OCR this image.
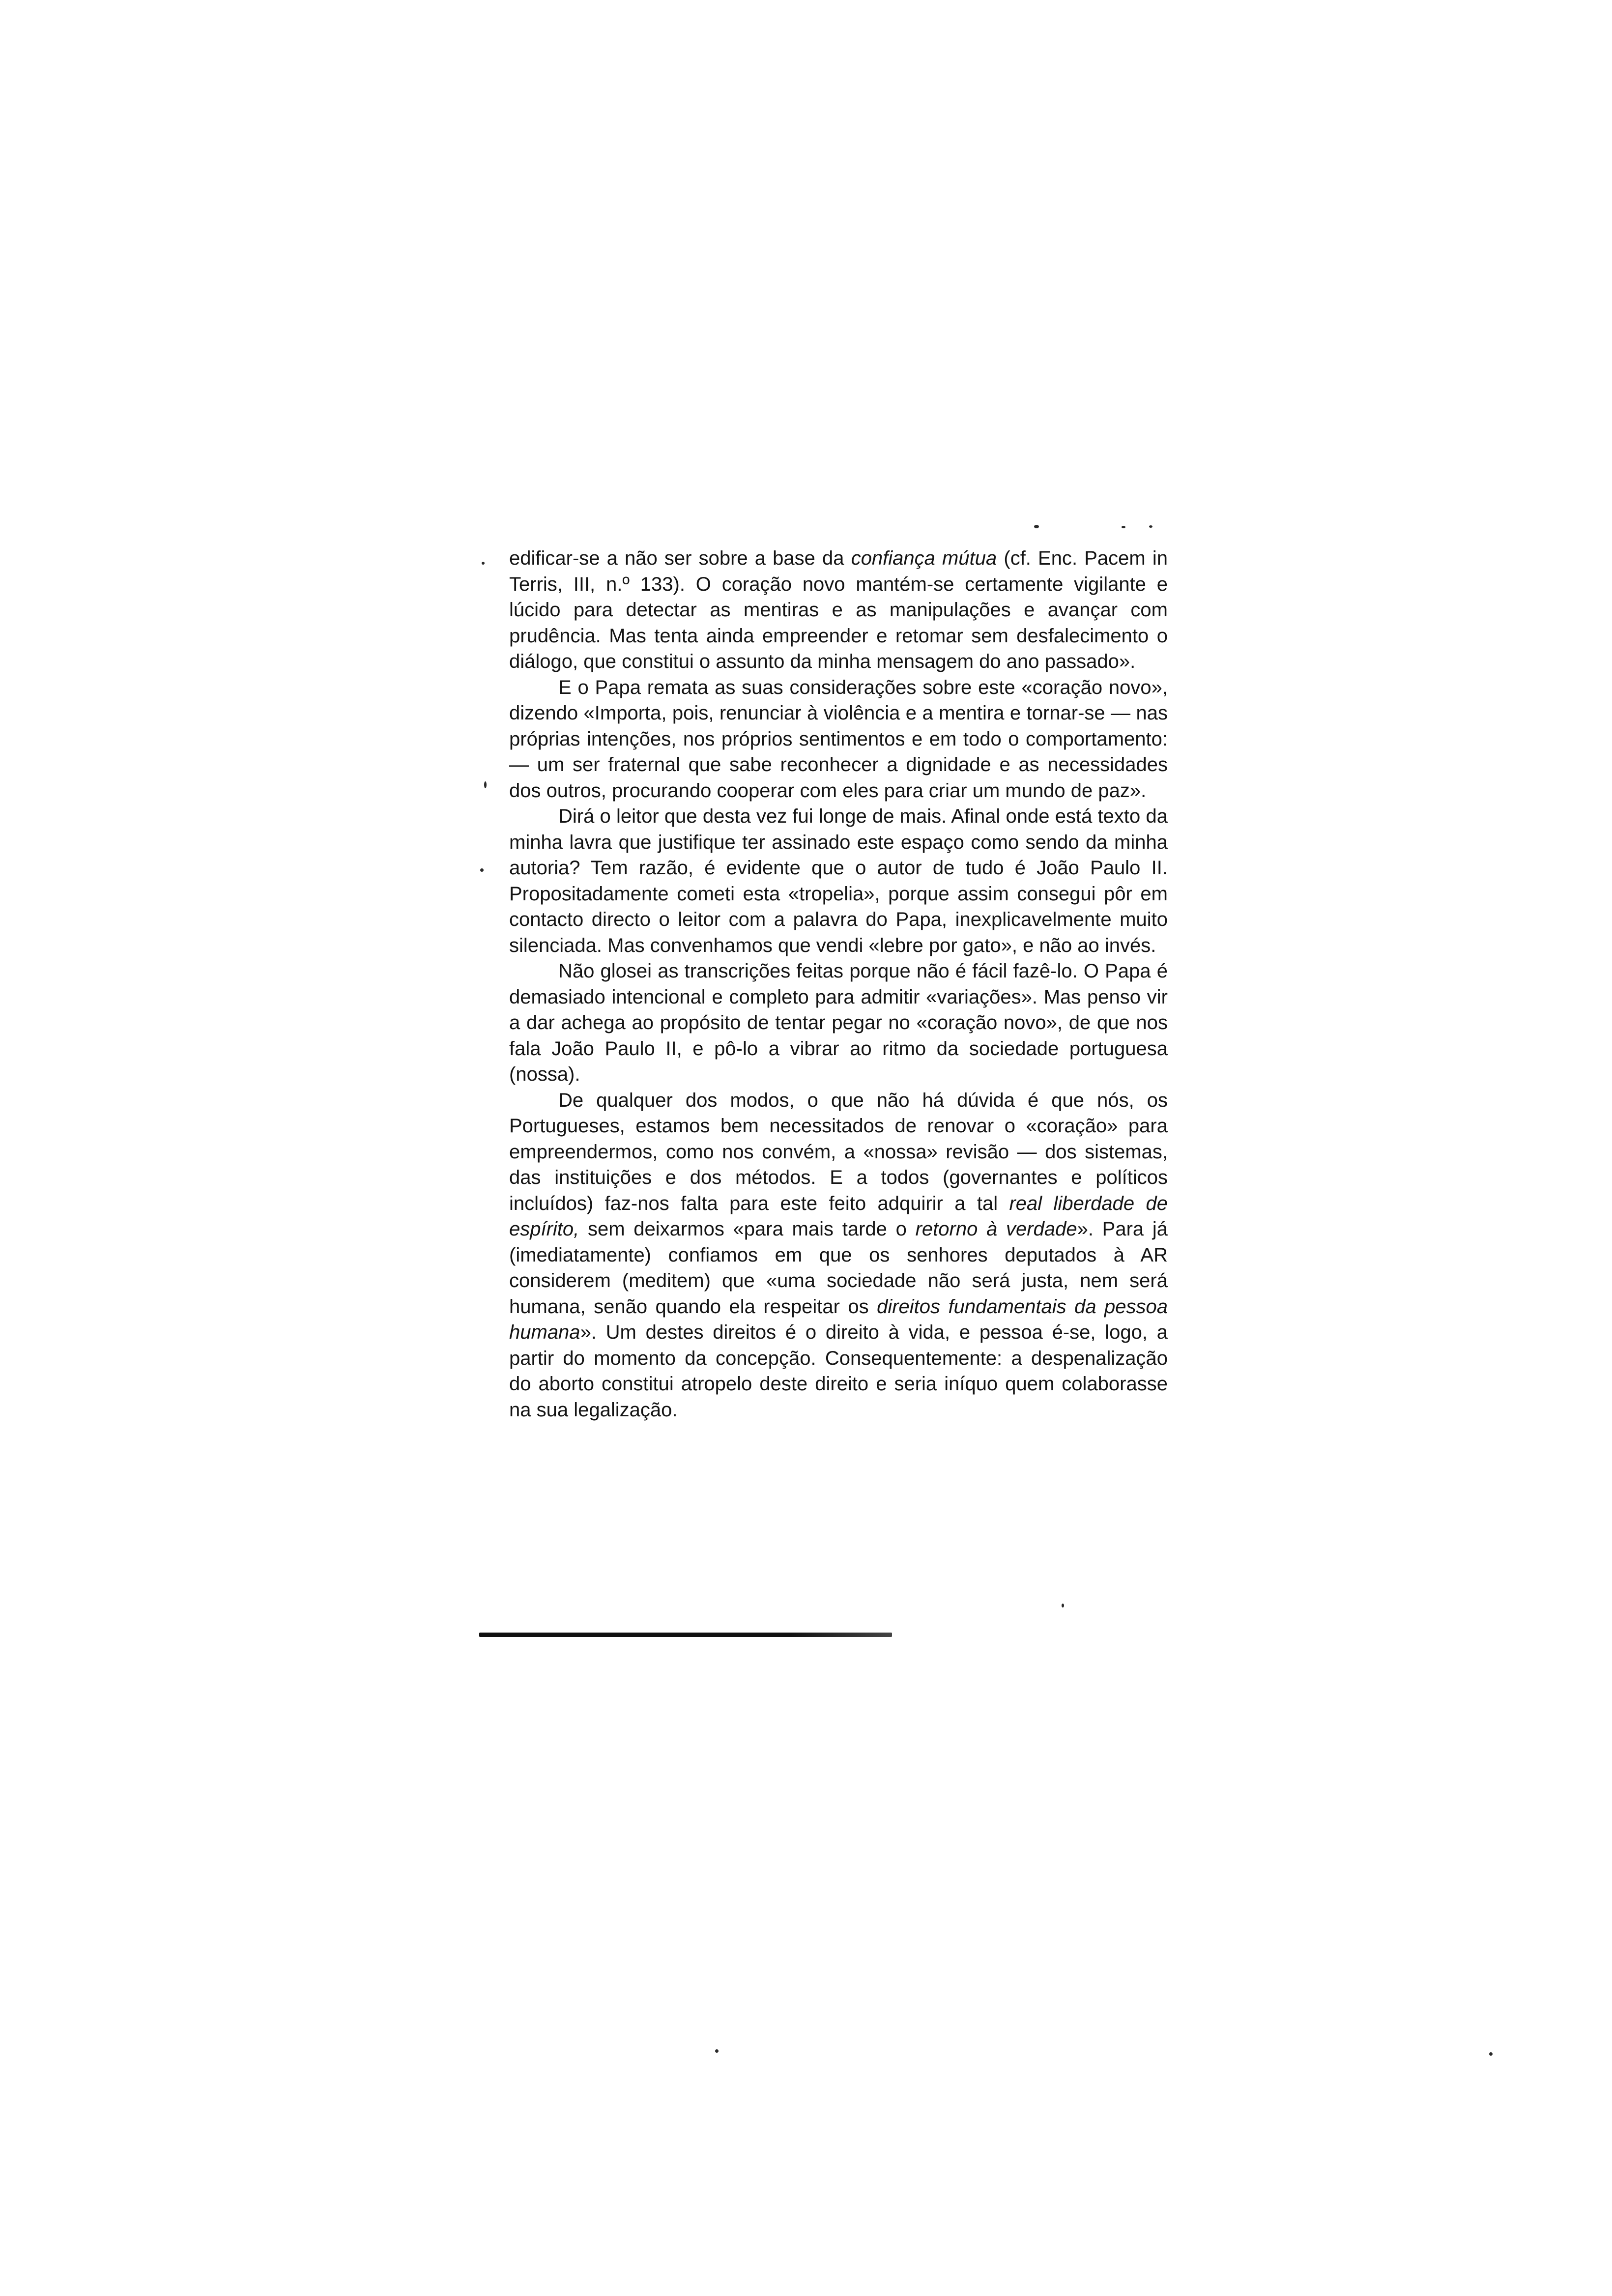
edificar-se a não ser sobre a base da confiança mútua (cf. Enc. Pacem in Terris, III, n.º 133). O coração novo mantém-se certamente vigilante e lúcido para detectar as mentiras e as manipulações e avançar com prudência. Mas tenta ainda empreender e retomar sem desfalecimento o diálogo, que constitui o assunto da minha mensagem do ano passado».

E o Papa remata as suas considerações sobre este «coração novo», dizendo «Importa, pois, renunciar à violência e a mentira e tornar-se — nas próprias intenções, nos próprios sentimentos e em todo o comportamento: — um ser fraternal que sabe reconhecer a dignidade e as necessidades dos outros, procurando cooperar com eles para criar um mundo de paz».

Dirá o leitor que desta vez fui longe de mais. Afinal onde está texto da minha lavra que justifique ter assinado este espaço como sendo da minha autoria? Tem razão, é evidente que o autor de tudo é João Paulo II. Propositadamente cometi esta «tropelia», porque assim consegui pôr em contacto directo o leitor com a palavra do Papa, inexplicavelmente muito silenciada. Mas convenhamos que vendi «lebre por gato», e não ao invés.

Não glosei as transcrições feitas porque não é fácil fazê-lo. O Papa é demasiado intencional e completo para admitir «variações». Mas penso vir a dar achega ao propósito de tentar pegar no «coração novo», de que nos fala João Paulo II, e pô-lo a vibrar ao ritmo da sociedade portuguesa (nossa).

De qualquer dos modos, o que não há dúvida é que nós, os Portugueses, estamos bem necessitados de renovar o «coração» para empreendermos, como nos convém, a «nossa» revisão — dos sistemas, das instituições e dos métodos. E a todos (governantes e políticos incluídos) faz-nos falta para este feito adquirir a tal real liberdade de espírito, sem deixarmos «para mais tarde o retorno à verdade». Para já (imediatamente) confiamos em que os senhores deputados à AR considerem (meditem) que «uma sociedade não será justa, nem será humana, senão quando ela respeitar os direitos fundamentais da pessoa humana». Um destes direitos é o direito à vida, e pessoa é-se, logo, a partir do momento da concepção. Consequentemente: a despenalização do aborto constitui atropelo deste direito e seria iníquo quem colaborasse na sua legalização.
